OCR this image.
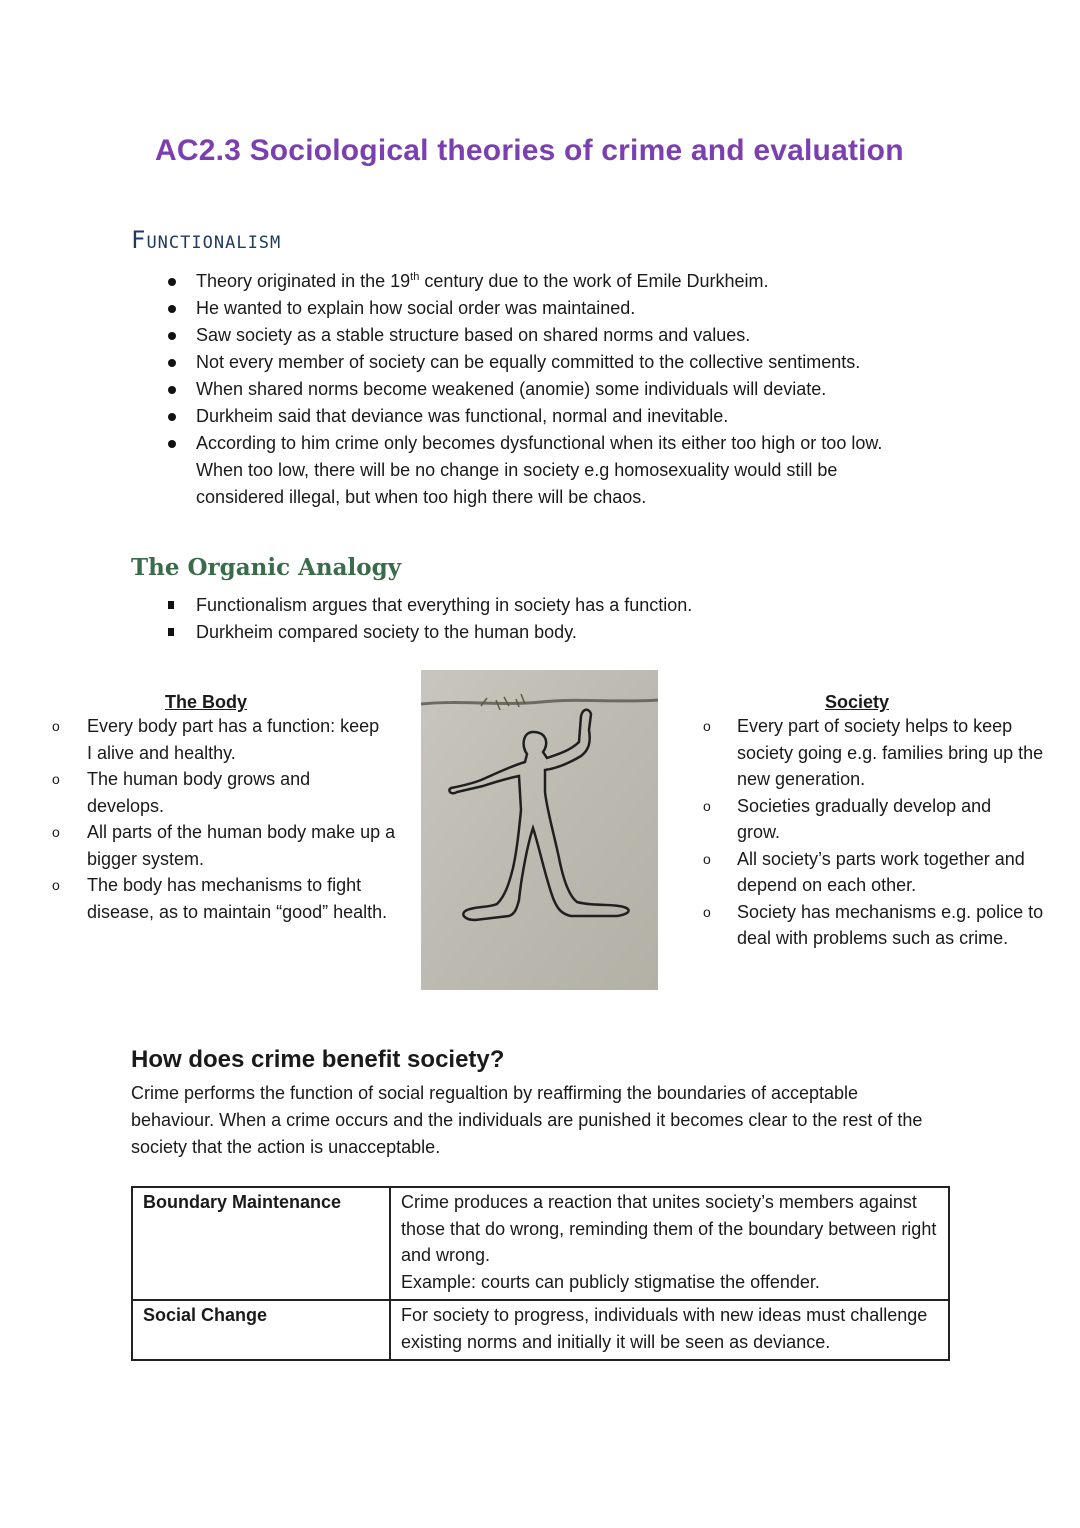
AC2.3 Sociological theories of crime and evaluation
Functionalism
Theory originated in the 19th century due to the work of Emile Durkheim.
He wanted to explain how social order was maintained.
Saw society as a stable structure based on shared norms and values.
Not every member of society can be equally committed to the collective sentiments.
When shared norms become weakened (anomie) some individuals will deviate.
Durkheim said that deviance was functional, normal and inevitable.
According to him crime only becomes dysfunctional when its either too high or too low. When too low, there will be no change in society e.g homosexuality would still be considered illegal, but when too high there will be chaos.
The Organic Analogy
Functionalism argues that everything in society has a function.
Durkheim compared society to the human body.
The Body
o Every body part has a function: keep I alive and healthy.
o The human body grows and develops.
o All parts of the human body make up a bigger system.
o The body has mechanisms to fight disease, as to maintain “good” health.
Society
o Every part of society helps to keep society going e.g. families bring up the new generation.
o Societies gradually develop and grow.
o All society’s parts work together and depend on each other.
o Society has mechanisms e.g. police to deal with problems such as crime.
How does crime benefit society?

Crime performs the function of social regualtion by reaffirming the boundaries of acceptable behaviour. When a crime occurs and the individuals are punished it becomes clear to the rest of the society that the action is unacceptable.

Boundary Maintenance	Crime produces a reaction that unites society’s members against those that do wrong, reminding them of the boundary between right and wrong.
Example: courts can publicly stigmatise the offender.

Social Change	For society to progress, individuals with new ideas must challenge existing norms and initially it will be seen as deviance.
